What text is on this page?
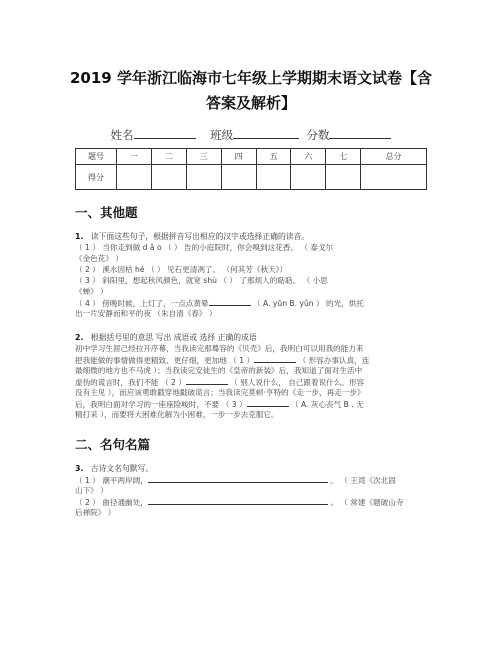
2019 学年浙江临海市七年级上学期期末语文试卷【含
答案及解析】
姓名	班级	分数
题号	一	二	三	四	五	六	七	总分
得分								
一、其他题
1. 读下面这些句子，根据拼音写出相应的汉字或选择正确的读音。
（ 1 ） 当你走到做 d ǎ o （ ） 告的小庭院时，你会嗅到这花香。 （ 泰戈尔
《金色花》 ）
（ 2 ） 溪水因枯 hé （ ） 见石更清冽了。 （何其芳《秋天》）
（ 3 ） 斜阳里，想起秋风颜色，就宽 shù （ ） 了那烦人的聒聒。 （ 小思
《蝉》 ）
（ 4 ） 傍晚时候，上灯了，一点点黄晕	（ A. yūn B. yǔn ） 的光，烘托
出一片安静而和平的夜 （朱自清《春》 ）
2. 根据括号里的意思 写出 成语或 选择 正确的成语
初中学习生涯已经拉开序幕，当我读完那蓦容的《贝壳》后，我明白可以用我的能力来
把我能做的事情做得更精致、更仔细，更加地 （ 1 ）	（ 形容办事认真，连
最细微的地方也不马虎 ）；当我读完安徒生的《皇帝的新装》后，我知道了面对生活中
虚伪的谎言时，我们不能 （ 2 ）	（ 别人说什么， 自己跟着说什么。形容
没有主见 ），而应该勇敢戳穿地戳破谎言；当我读完莫顿·亨特的《走一步，再走一步》
后，我明白面对学习的一座座险峻时，不要 （ 3 ）	（ A. 灰心丧气 B . 无
精打采 ），而要将大困难化解为小困难，一步一步去克服它。
二、名句名篇
3. 古诗文名句默写。
（ 1 ） 潮平两岸阔，	。 （ 王湾《次北固
山下》 ）
（ 2 ） 曲径通幽处，	。 （ 常建《题破山寺
后禅院》 ）
